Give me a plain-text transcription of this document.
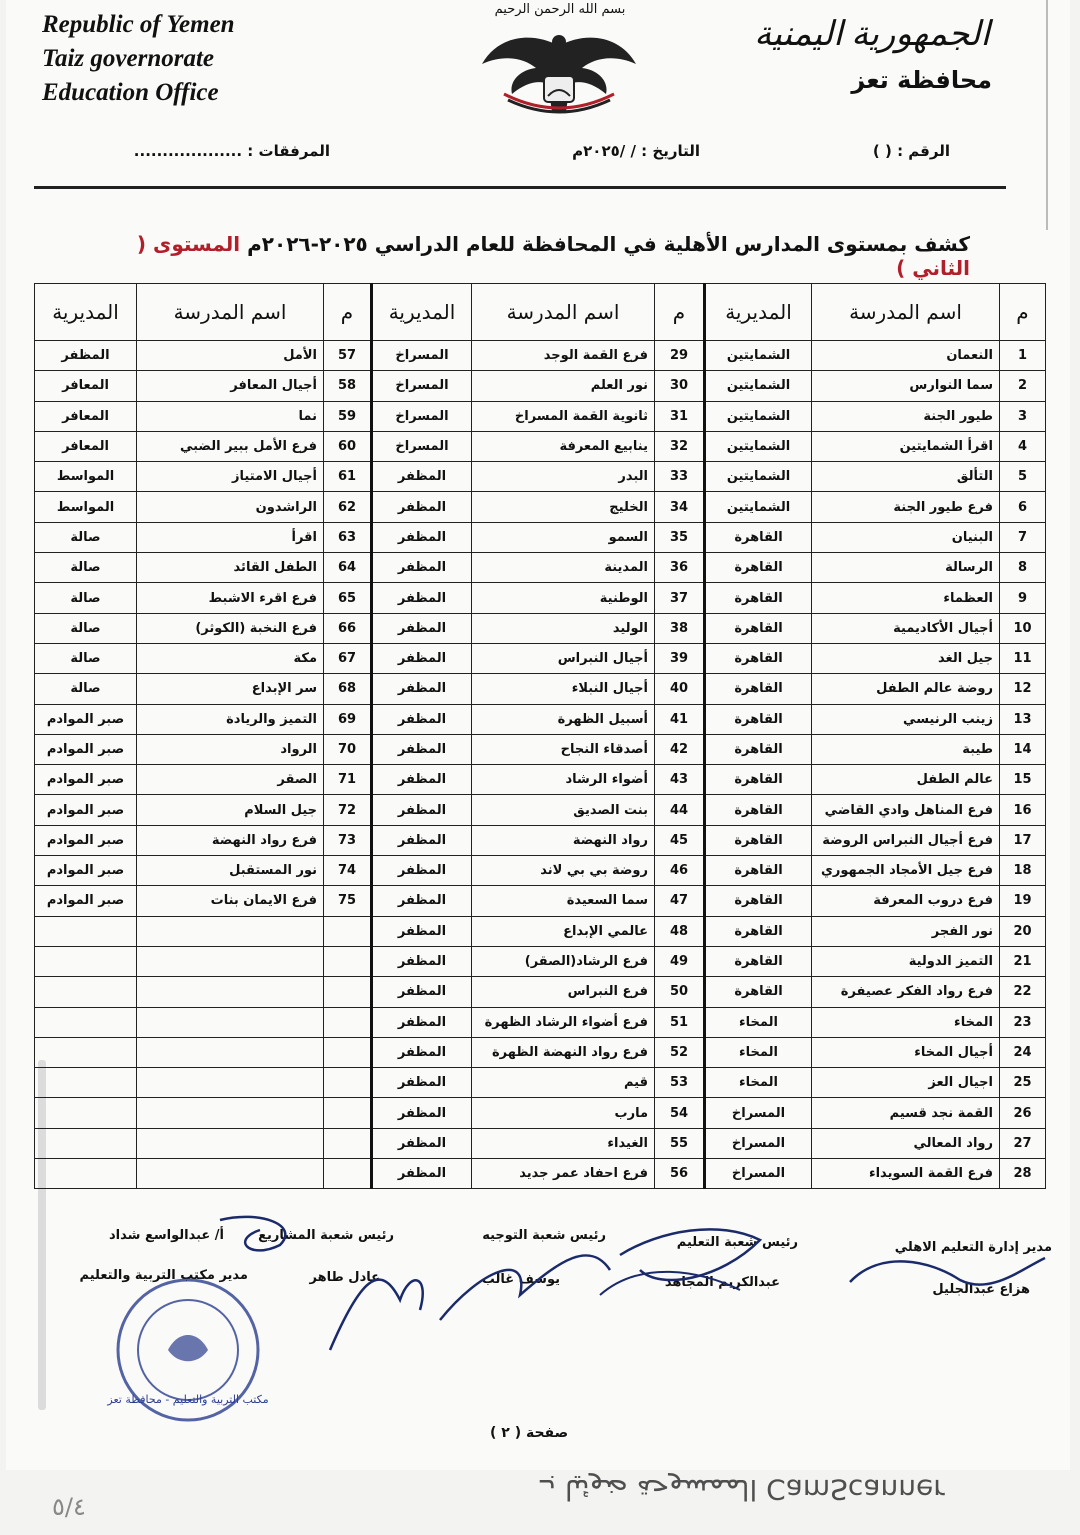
Republic of Yemen
Taiz governorate
Education Office
بسم الله الرحمن الرحيم
الجمهورية اليمنية
محافظة تعز
الرقم : ( )
التاريخ : / /٢٠٢٥م
المرفقات : ...................
كشف بمستوى المدارس الأهلية في المحافظة للعام الدراسي ٢٠٢٥-٢٠٢٦م المستوى ( الثاني )
م	اسم المدرسة	المديرية	م	اسم المدرسة	المديرية	م	اسم المدرسة	المديرية
1	النعمان	الشمايتين	29	فرع القمة الوجد	المسراخ	57	الأمل	المظفر
2	سما النوارس	الشمايتين	30	نور العلم	المسراخ	58	أجيال المعافر	المعافر
3	طيور الجنة	الشمايتين	31	ثانوية القمة المسراخ	المسراخ	59	نما	المعافر
4	اقرأ الشمايتين	الشمايتين	32	ينابيع المعرفة	المسراخ	60	فرع الأمل ببير الضبي	المعافر
5	التألق	الشمايتين	33	البدر	المظفر	61	أجيال الامتياز	المواسط
6	فرع طيور الجنة	الشمايتين	34	الخليج	المظفر	62	الراشدون	المواسط
7	البنيان	القاهرة	35	السمو	المظفر	63	اقرأ	صالة
8	الرسالة	القاهرة	36	المدينة	المظفر	64	الطفل القائد	صالة
9	العظماء	القاهرة	37	الوطنية	المظفر	65	فرع اقرء الاشبط	صالة
10	أجيال الأكاديمية	القاهرة	38	الوليد	المظفر	66	فرع النخبة (الكوثر)	صالة
11	جيل الغد	القاهرة	39	أجيال النبراس	المظفر	67	مكة	صالة
12	روضة عالم الطفل	القاهرة	40	أجيال النبلاء	المظفر	68	سر الإبداع	صالة
13	زينب الرنيسي	القاهرة	41	أسبيل الظهرة	المظفر	69	التميز والريادة	صبر الموادم
14	طيبة	القاهرة	42	أصدقاء النجاح	المظفر	70	الرواد	صبر الموادم
15	عالم الطفل	القاهرة	43	أضواء الرشاد	المظفر	71	الصقر	صبر الموادم
16	فرع المناهل وادي القاضي	القاهرة	44	بنت الصديق	المظفر	72	جيل السلام	صبر الموادم
17	فرع أجيال النبراس الروضة	القاهرة	45	رواد النهضة	المظفر	73	فرع رواد النهضة	صبر الموادم
18	فرع جيل الأمجاد الجمهوري	القاهرة	46	روضة بي بي لاند	المظفر	74	نور المستقبل	صبر الموادم
19	فرع دروب المعرفة	القاهرة	47	سما السعيدة	المظفر	75	فرع الايمان بنات	صبر الموادم
20	نور الفجر	القاهرة	48	عالمي الإبداع	المظفر			
21	التميز الدولية	القاهرة	49	فرع الرشاد(الصقر)	المظفر			
22	فرع رواد الفكر عصيفرة	القاهرة	50	فرع النبراس	المظفر			
23	المخاء	المخاء	51	فرع أضواء الرشاد الظهرة	المظفر			
24	أجيال المخاء	المخاء	52	فرع رواد النهضة الظهرة	المظفر			
25	اجيال العز	المخاء	53	قيم	المظفر			
26	القمة نجد قسيم	المسراخ	54	مارب	المظفر			
27	رواد المعالي	المسراخ	55	الغيداء	المظفر			
28	فرع القمة السويداء	المسراخ	56	فرع احفاد عمر جديد	المظفر			
مدير إدارة التعليم الاهلي
هزاع عبدالجليل
رئيس شعبة التعليم
عبدالكريم المجاهد
رئيس شعبة التوجيه
يوسف غالب
رئيس شعبة المشاريع
عادل طاهر
أ/ عبدالواسع شداد
مدير مكتب التربية والتعليم
مكتب التربية والتعليم - محافظة تعز
صفحة ( ٢ )
الممسوحة ضوئيا بـ CamScanner
٥/٤
